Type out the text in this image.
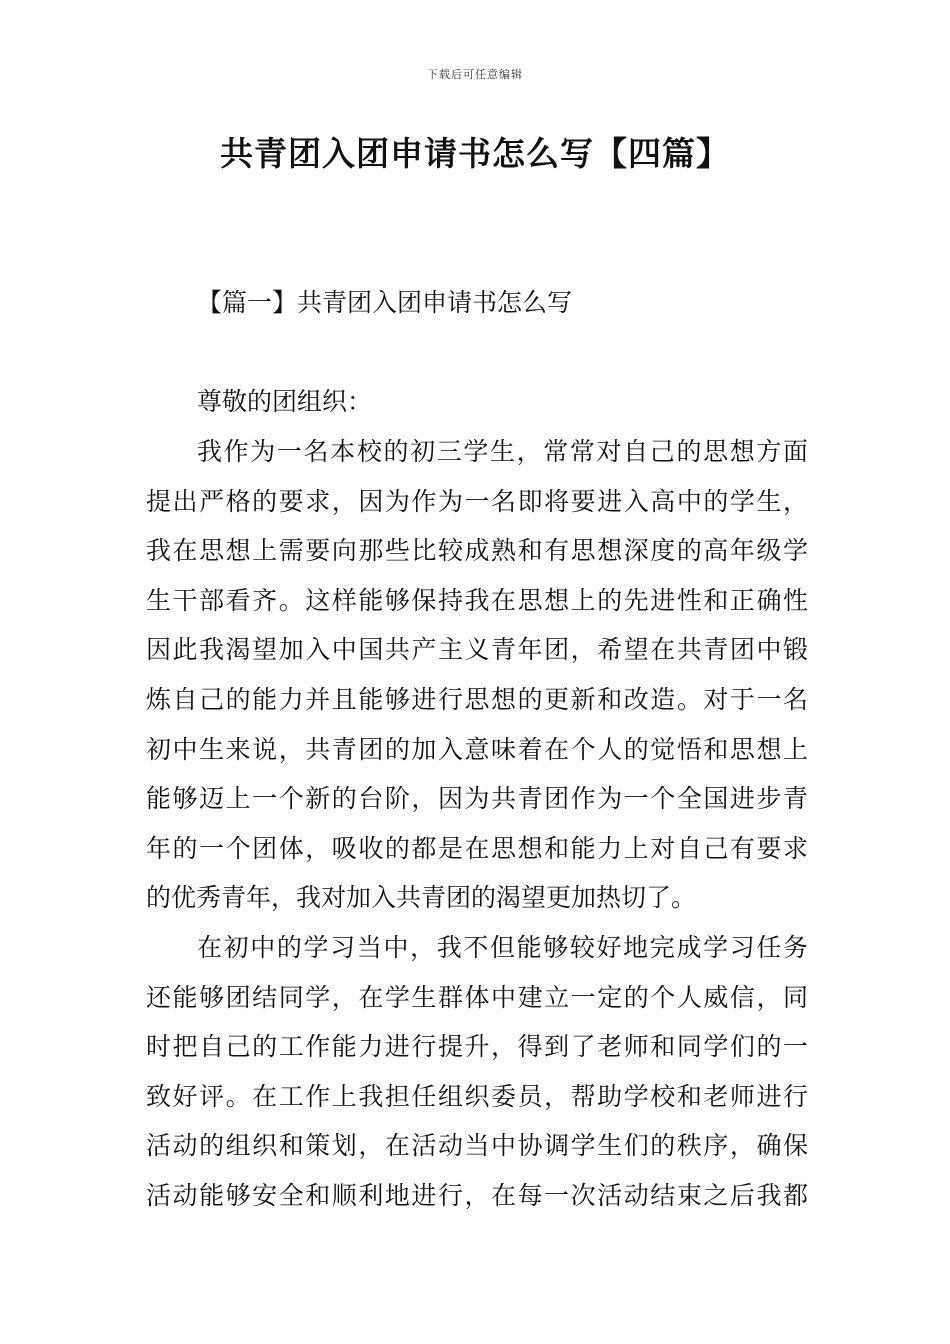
下载后可任意编辑
共青团入团申请书怎么写【四篇】
【篇一】共青团入团申请书怎么写

尊敬的团组织：

我作为一名本校的初三学生，常常对自己的思想方面
提出严格的要求，因为作为一名即将要进入高中的学生，
我在思想上需要向那些比较成熟和有思想深度的高年级学
生干部看齐。这样能够保持我在思想上的先进性和正确性
因此我渴望加入中国共产主义青年团，希望在共青团中锻
炼自己的能力并且能够进行思想的更新和改造。对于一名
初中生来说，共青团的加入意味着在个人的觉悟和思想上
能够迈上一个新的台阶，因为共青团作为一个全国进步青
年的一个团体，吸收的都是在思想和能力上对自己有要求
的优秀青年，我对加入共青团的渴望更加热切了。

在初中的学习当中，我不但能够较好地完成学习任务
还能够团结同学，在学生群体中建立一定的个人威信，同
时把自己的工作能力进行提升，得到了老师和同学们的一
致好评。在工作上我担任组织委员，帮助学校和老师进行
活动的组织和策划，在活动当中协调学生们的秩序，确保
活动能够安全和顺利地进行，在每一次活动结束之后我都
